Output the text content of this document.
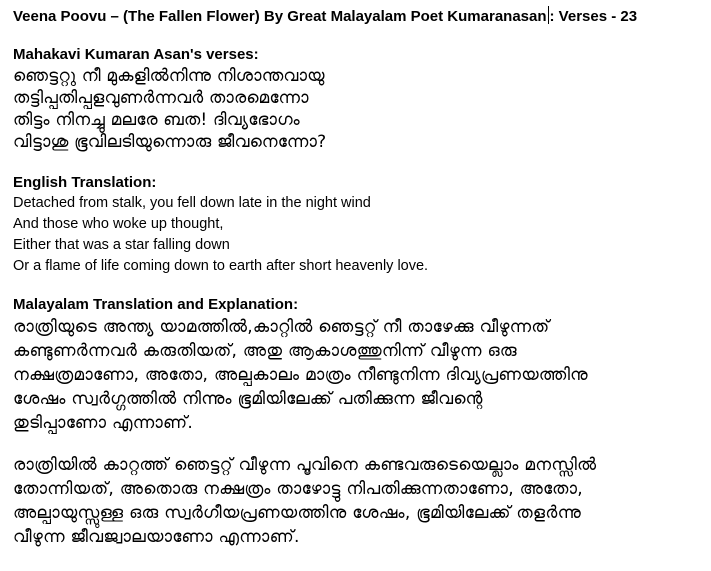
Veena Poovu – (The Fallen Flower) By Great Malayalam Poet Kumaranasan : Verses - 23
Mahakavi Kumaran Asan's verses:
ഞെട്ടറ്റു നീ മുകളിൽനിന്നു നിശാന്തവായു
തട്ടിപ്പതിപ്പളവുണർന്നവർ താരമെന്നോ
തിട്ടം നിനച്ചു മലരേ ബത! ദിവ്യഭോഗം
വിട്ടാശു ഭൂവിലടിയുന്നൊരു ജീവനെന്നോ?
English Translation:
Detached from stalk, you fell down late in the night wind
And those who woke up thought,
Either that was a star falling down
Or a flame of life coming down to earth after short heavenly love.
Malayalam Translation and Explanation:
രാത്രിയുടെ അന്ത്യ യാമത്തിൽ,കാറ്റിൽ ഞെട്ടറ്റ് നീ താഴേക്കു വീഴുന്നത്
കണ്ടുണർന്നവർ കരുതിയത്, അതു ആകാശത്തുനിന്ന് വീഴുന്ന ഒരു
നക്ഷത്രമാണോ, അതോ, അല്പകാലം മാത്രം നീണ്ടുനിന്ന ദിവ്യപ്രണയത്തിനു
ശേഷം സ്വർഗ്ഗത്തിൽ നിന്നും ഭൂമിയിലേക്ക് പതിക്കുന്ന ജീവന്റെ
തുടിപ്പാണോ എന്നാണ്.
രാത്രിയിൽ കാറ്റത്ത് ഞെട്ടറ്റ് വീഴുന്ന പൂവിനെ കണ്ടവരുടെയെല്ലാം മനസ്സിൽ
തോന്നിയത്, അതൊരു നക്ഷത്രം താഴോട്ടു നിപതിക്കുന്നതാണോ, അതോ,
അല്പായുസ്സുള്ള ഒരു സ്വർഗീയപ്രണയത്തിനു ശേഷം, ഭൂമിയിലേക്ക് തളർന്നു
വീഴുന്ന ജീവജ്വാലയാണോ എന്നാണ്.
